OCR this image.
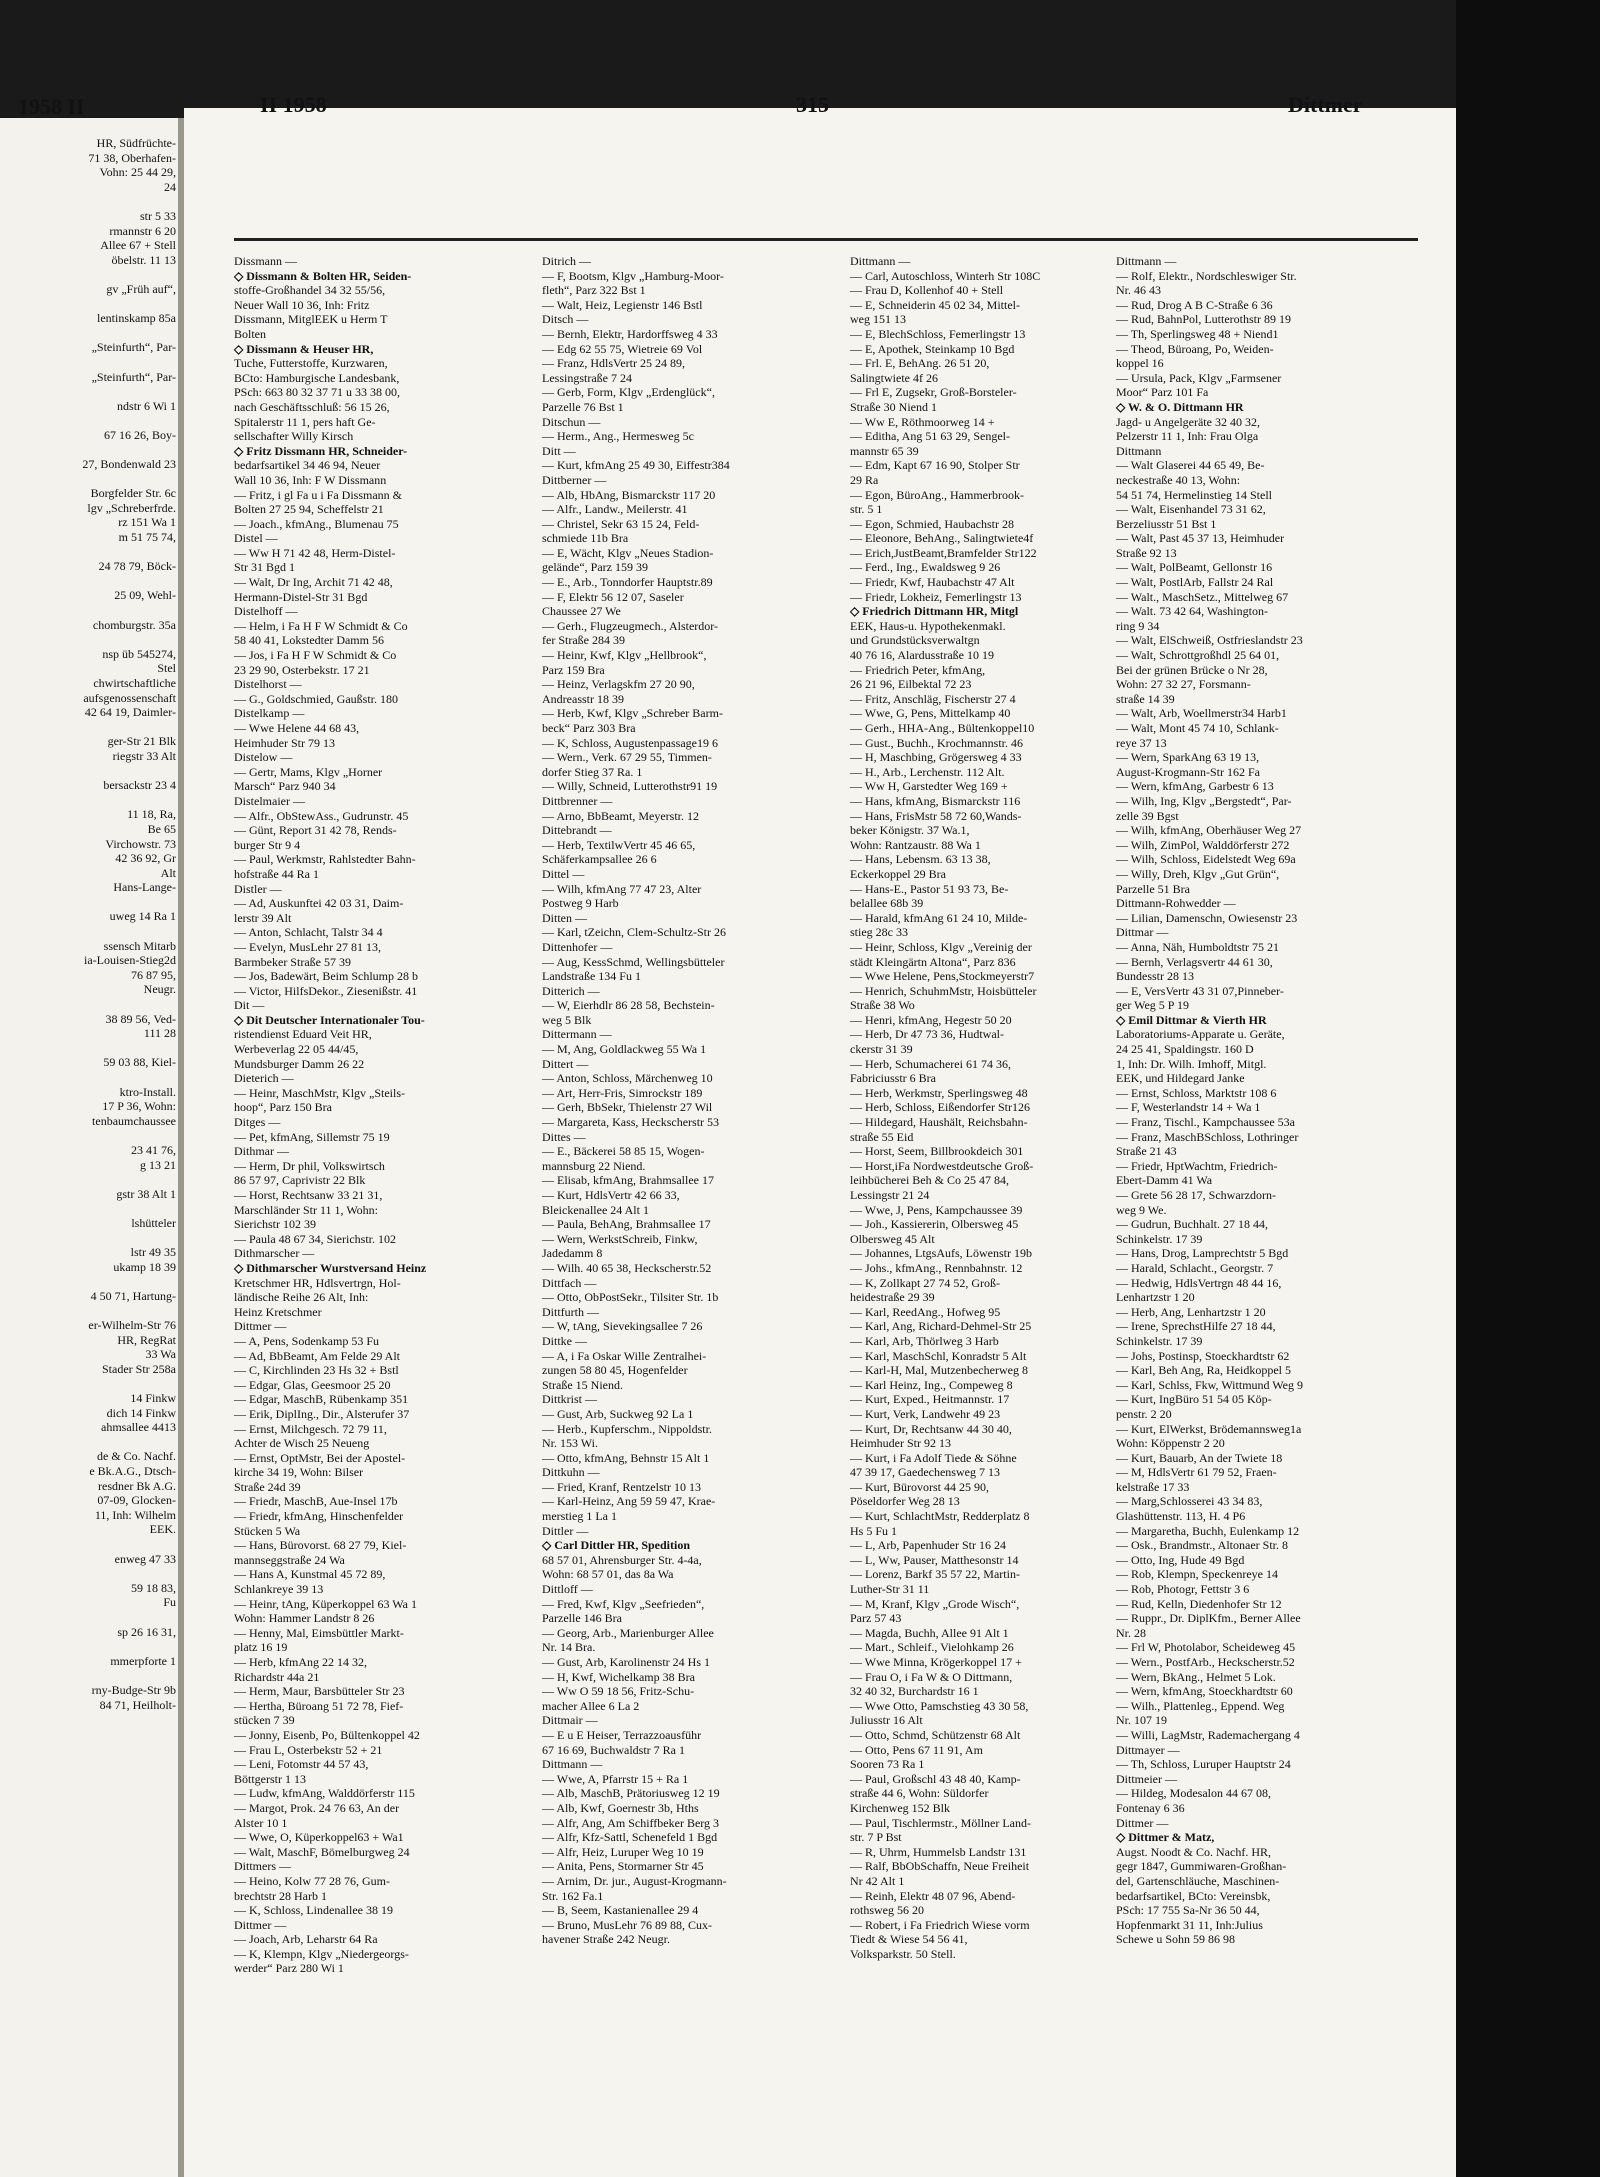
1958 II
HR, Südfrüchte-
71 38, Oberhafen-
Vohn: 25 44 29,
24

str 5 33
rmannstr 6 20
Allee 67 + Stell
öbelstr. 11 13

gv „Früh auf“,

lentinskamp 85a

„Steinfurth“, Par-

„Steinfurth“, Par-

ndstr 6 Wi 1

67 16 26, Boy-

27, Bondenwald 23

Borgfelder Str. 6c
lgv „Schreberfrde.
rz 151 Wa 1
m 51 75 74,

24 78 79, Böck-

25 09, Wehl-

chomburgstr. 35a

nsp üb 545274,
Stel
chwirtschaftliche
aufsgenossenschaft
42 64 19, Daimler-

ger-Str 21 Blk
riegstr 33 Alt

bersackstr 23 4

11 18, Ra,
Be 65
Virchowstr. 73
42 36 92, Gr
Alt
Hans-Lange-

uweg 14 Ra 1

ssensch Mitarb
ia-Louisen-Stieg2d
76 87 95,
Neugr.

38 89 56, Ved-
111 28

59 03 88, Kiel-

ktro-Install.
17 P 36, Wohn:
tenbaumchaussee

23 41 76,
g 13 21

gstr 38 Alt 1

lshütteler

lstr 49 35
ukamp 18 39

4 50 71, Hartung-

er-Wilhelm-Str 76
HR, RegRat
33 Wa
Stader Str 258a

14 Finkw
dich 14 Finkw
ahmsallee 4413

de & Co. Nachf.
e Bk.A.G., Dtsch-
resdner Bk A.G.
07-09, Glocken-
11, Inh: Wilhelm
EEK.

enweg 47 33

59 18 83,
Fu

sp 26 16 31,

mmerpforte 1

rny-Budge-Str 9b
84 71, Heilholt-
II 1958	315	Dittmer
Dissmann —
◇ Dissmann & Bolten HR, Seiden-
stoffe-Großhandel 34 32 55/56,
Neuer Wall 10 36, Inh: Fritz
Dissmann, MitglEEK u Herm T
Bolten
◇ Dissmann & Heuser HR,
Tuche, Futterstoffe, Kurzwaren,
BCto: Hamburgische Landesbank,
PSch: 663 80 32 37 71 u 33 38 00,
nach Geschäftsschluß: 56 15 26,
Spitalerstr 11 1, pers haft Ge-
sellschafter Willy Kirsch
◇ Fritz Dissmann HR, Schneider-
bedarfsartikel 34 46 94, Neuer
Wall 10 36, Inh: F W Dissmann
— Fritz, i gl Fa u i Fa Dissmann &
Bolten 27 25 94, Scheffelstr 21
— Joach., kfmAng., Blumenau 75
Distel —
— Ww H 71 42 48, Herm-Distel-
Str 31 Bgd 1
— Walt, Dr Ing, Archit 71 42 48,
Hermann-Distel-Str 31 Bgd
Distelhoff —
— Helm, i Fa H F W Schmidt & Co
58 40 41, Lokstedter Damm 56
— Jos, i Fa H F W Schmidt & Co
23 29 90, Osterbekstr. 17 21
Distelhorst —
— G., Goldschmied, Gaußstr. 180
Distelkamp —
— Wwe Helene 44 68 43,
Heimhuder Str 79 13
Distelow —
— Gertr, Mams, Klgv „Horner
Marsch“ Parz 940 34
Distelmaier —
— Alfr., ObStewAss., Gudrunstr. 45
— Günt, Report 31 42 78, Rends-
burger Str 9 4
— Paul, Werkmstr, Rahlstedter Bahn-
hofstraße 44 Ra 1
Distler —
— Ad, Auskunftei 42 03 31, Daim-
lerstr 39 Alt
— Anton, Schlacht, Talstr 34 4
— Evelyn, MusLehr 27 81 13,
Barmbeker Straße 57 39
— Jos, Badewärt, Beim Schlump 28 b
— Victor, HilfsDekor., Ziesenißstr. 41
Dit —
◇ Dit Deutscher Internationaler Tou-
ristendienst Eduard Veit HR,
Werbeverlag 22 05 44/45,
Mundsburger Damm 26 22
Dieterich —
— Heinr, MaschMstr, Klgv „Steils-
hoop“, Parz 150 Bra
Ditges —
— Pet, kfmAng, Sillemstr 75 19
Dithmar —
— Herm, Dr phil, Volkswirtsch
86 57 97, Caprivistr 22 Blk
— Horst, Rechtsanw 33 21 31,
Marschländer Str 11 1, Wohn:
Sierichstr 102 39
— Paula 48 67 34, Sierichstr. 102
Dithmarscher —
◇ Dithmarscher Wurstversand Heinz
Kretschmer HR, Hdlsvertrgn, Hol-
ländische Reihe 26 Alt, Inh:
Heinz Kretschmer
Dittmer —
— A, Pens, Sodenkamp 53 Fu
— Ad, BbBeamt, Am Felde 29 Alt
— C, Kirchlinden 23 Hs 32 + Bstl
— Edgar, Glas, Geesmoor 25 20
— Edgar, MaschB, Rübenkamp 351
— Erik, DiplIng., Dir., Alsterufer 37
— Ernst, Milchgesch. 72 79 11,
Achter de Wisch 25 Neueng
— Ernst, OptMstr, Bei der Apostel-
kirche 34 19, Wohn: Bilser
Straße 24d 39
— Friedr, MaschB, Aue-Insel 17b
— Friedr, kfmAng, Hinschenfelder
Stücken 5 Wa
— Hans, Bürovorst. 68 27 79, Kiel-
mannseggstraße 24 Wa
— Hans A, Kunstmal 45 72 89,
Schlankreye 39 13
— Heinr, tAng, Küperkoppel 63 Wa 1
Wohn: Hammer Landstr 8 26
— Henny, Mal, Eimsbüttler Markt-
platz 16 19
— Herb, kfmAng 22 14 32,
Richardstr 44a 21
— Herm, Maur, Barsbütteler Str 23
— Hertha, Büroang 51 72 78, Fief-
stücken 7 39
— Jonny, Eisenb, Po, Bültenkoppel 42
— Frau L, Osterbekstr 52 + 21
— Leni, Fotomstr 44 57 43,
Böttgerstr 1 13
— Ludw, kfmAng, Walddörferstr 115
— Margot, Prok. 24 76 63, An der
Alster 10 1
— Wwe, O, Küperkoppel63 + Wa1
— Walt, MaschF, Bömelburgweg 24
Dittmers —
— Heino, Kolw 77 28 76, Gum-
brechtstr 28 Harb 1
— K, Schloss, Lindenallee 38 19
Dittmer —
— Joach, Arb, Leharstr 64 Ra
— K, Klempn, Klgv „Niedergeorgs-
werder“ Parz 280 Wi 1
Ditrich —
— F, Bootsm, Klgv „Hamburg-Moor-
fleth“, Parz 322 Bst 1
— Walt, Heiz, Legienstr 146 Bstl
Ditsch —
— Bernh, Elektr, Hardorffsweg 4 33
— Edg 62 55 75, Wietreie 69 Vol
— Franz, HdlsVertr 25 24 89,
Lessingstraße 7 24
— Gerb, Form, Klgv „Erdenglück“,
Parzelle 76 Bst 1
Ditschun —
— Herm., Ang., Hermesweg 5c
Ditt —
— Kurt, kfmAng 25 49 30, Eiffestr384
Dittberner —
— Alb, HbAng, Bismarckstr 117 20
— Alfr., Landw., Meilerstr. 41
— Christel, Sekr 63 15 24, Feld-
schmiede 11b Bra
— E, Wächt, Klgv „Neues Stadion-
gelände“, Parz 159 39
— E., Arb., Tonndorfer Hauptstr.89
— F, Elektr 56 12 07, Saseler
Chaussee 27 We
— Gerh., Flugzeugmech., Alsterdor-
fer Straße 284 39
— Heinr, Kwf, Klgv „Hellbrook“,
Parz 159 Bra
— Heinz, Verlagskfm 27 20 90,
Andreasstr 18 39
— Herb, Kwf, Klgv „Schreber Barm-
beck“ Parz 303 Bra
— K, Schloss, Augustenpassage19 6
— Wern., Verk. 67 29 55, Timmen-
dorfer Stieg 37 Ra. 1
— Willy, Schneid, Lutterothstr91 19
Dittbrenner —
— Arno, BbBeamt, Meyerstr. 12
Dittebrandt —
— Herb, TextilwVertr 45 46 65,
Schäferkampsallee 26 6
Dittel —
— Wilh, kfmAng 77 47 23, Alter
Postweg 9 Harb
Ditten —
— Karl, tZeichn, Clem-Schultz-Str 26
Dittenhofer —
— Aug, KessSchmd, Wellingsbütteler
Landstraße 134 Fu 1
Ditterich —
— W, Eierhdlr 86 28 58, Bechstein-
weg 5 Blk
Dittermann —
— M, Ang, Goldlackweg 55 Wa 1
Dittert —
— Anton, Schloss, Märchenweg 10
— Art, Herr-Fris, Simrockstr 189
— Gerh, BbSekr, Thielenstr 27 Wil
— Margareta, Kass, Heckscherstr 53
Dittes —
— E., Bäckerei 58 85 15, Wogen-
mannsburg 22 Niend.
— Elisab, kfmAng, Brahmsallee 17
— Kurt, HdlsVertr 42 66 33,
Bleickenallee 24 Alt 1
— Paula, BehAng, Brahmsallee 17
— Wern, WerkstSchreib, Finkw,
Jadedamm 8
— Wilh. 40 65 38, Heckscherstr.52
Dittfach —
— Otto, ObPostSekr., Tilsiter Str. 1b
Dittfurth —
— W, tAng, Sievekingsallee 7 26
Dittke —
— A, i Fa Oskar Wille Zentralhei-
zungen 58 80 45, Hogenfelder
Straße 15 Niend.
Dittkrist —
— Gust, Arb, Suckweg 92 La 1
— Herb., Kupferschm., Nippoldstr.
Nr. 153 Wi.
— Otto, kfmAng, Behnstr 15 Alt 1
Dittkuhn —
— Fried, Kranf, Rentzelstr 10 13
— Karl-Heinz, Ang 59 59 47, Krae-
merstieg 1 La 1
Dittler —
◇ Carl Dittler HR, Spedition
68 57 01, Ahrensburger Str. 4-4a,
Wohn: 68 57 01, das 8a Wa
Dittloff —
— Fred, Kwf, Klgv „Seefrieden“,
Parzelle 146 Bra
— Georg, Arb., Marienburger Allee
Nr. 14 Bra.
— Gust, Arb, Karolinenstr 24 Hs 1
— H, Kwf, Wichelkamp 38 Bra
— Ww O 59 18 56, Fritz-Schu-
macher Allee 6 La 2
Dittmair —
— E u E Heiser, Terrazzoausführ
67 16 69, Buchwaldstr 7 Ra 1
Dittmann —
— Wwe, A, Pfarrstr 15 + Ra 1
— Alb, MaschB, Prätoriusweg 12 19
— Alb, Kwf, Goernestr 3b, Hths
— Alfr, Ang, Am Schiffbeker Berg 3
— Alfr, Kfz-Sattl, Schenefeld 1 Bgd
— Alfr, Heiz, Luruper Weg 10 19
— Anita, Pens, Stormarner Str 45
— Arnim, Dr. jur., August-Krogmann-
Str. 162 Fa.1
— B, Seem, Kastanienallee 29 4
— Bruno, MusLehr 76 89 88, Cux-
havener Straße 242 Neugr.
Dittmann —
— Carl, Autoschloss, Winterh Str 108C
— Frau D, Kollenhof 40 + Stell
— E, Schneiderin 45 02 34, Mittel-
weg 151 13
— E, BlechSchloss, Femerlingstr 13
— E, Apothek, Steinkamp 10 Bgd
— Frl. E, BehAng. 26 51 20,
Salingtwiete 4f 26
— Frl E, Zugsekr, Groß-Borsteler-
Straße 30 Niend 1
— Ww E, Röthmoorweg 14 +
— Editha, Ang 51 63 29, Sengel-
mannstr 65 39
— Edm, Kapt 67 16 90, Stolper Str
29 Ra
— Egon, BüroAng., Hammerbrook-
str. 5 1
— Egon, Schmied, Haubachstr 28
— Eleonore, BehAng., Salingtwiete4f
— Erich,JustBeamt,Bramfelder Str122
— Ferd., Ing., Ewaldsweg 9 26
— Friedr, Kwf, Haubachstr 47 Alt
— Friedr, Lokheiz, Femerlingstr 13
◇ Friedrich Dittmann HR, Mitgl
EEK, Haus-u. Hypothekenmakl.
und Grundstücksverwaltgn
40 76 16, Alardusstraße 10 19
— Friedrich Peter, kfmAng,
26 21 96, Eilbektal 72 23
— Fritz, Anschläg, Fischerstr 27 4
— Wwe, G, Pens, Mittelkamp 40
— Gerh., HHA-Ang., Bültenkoppel10
— Gust., Buchh., Krochmannstr. 46
— H, Maschbing, Grögersweg 4 33
— H., Arb., Lerchenstr. 112 Alt.
— Ww H, Garstedter Weg 169 +
— Hans, kfmAng, Bismarckstr 116
— Hans, FrisMstr 58 72 60,Wands-
beker Königstr. 37 Wa.1,
Wohn: Rantzaustr. 88 Wa 1
— Hans, Lebensm. 63 13 38,
Eckerkoppel 29 Bra
— Hans-E., Pastor 51 93 73, Be-
belallee 68b 39
— Harald, kfmAng 61 24 10, Milde-
stieg 28c 33
— Heinr, Schloss, Klgv „Vereinig der
städt Kleingärtn Altona“, Parz 836
— Wwe Helene, Pens,Stockmeyerstr7
— Henrich, SchuhmMstr, Hoisbütteler
Straße 38 Wo
— Henri, kfmAng, Hegestr 50 20
— Herb, Dr 47 73 36, Hudtwal-
ckerstr 31 39
— Herb, Schumacherei 61 74 36,
Fabriciusstr 6 Bra
— Herb, Werkmstr, Sperlingsweg 48
— Herb, Schloss, Eißendorfer Str126
— Hildegard, Haushält, Reichsbahn-
straße 55 Eid
— Horst, Seem, Billbrookdeich 301
— Horst,iFa Nordwestdeutsche Groß-
leihbücherei Beh & Co 25 47 84,
Lessingstr 21 24
— Wwe, J, Pens, Kampchaussee 39
— Joh., Kassiererin, Olbersweg 45
Olbersweg 45 Alt
— Johannes, LtgsAufs, Löwenstr 19b
— Johs., kfmAng., Rennbahnstr. 12
— K, Zollkapt 27 74 52, Groß-
heidestraße 29 39
— Karl, ReedAng., Hofweg 95
— Karl, Ang, Richard-Dehmel-Str 25
— Karl, Arb, Thörlweg 3 Harb
— Karl, MaschSchl, Konradstr 5 Alt
— Karl-H, Mal, Mutzenbecherweg 8
— Karl Heinz, Ing., Compeweg 8
— Kurt, Exped., Heitmannstr. 17
— Kurt, Verk, Landwehr 49 23
— Kurt, Dr, Rechtsanw 44 30 40,
Heimhuder Str 92 13
— Kurt, i Fa Adolf Tiede & Söhne
47 39 17, Gaedechensweg 7 13
— Kurt, Bürovorst 44 25 90,
Pöseldorfer Weg 28 13
— Kurt, SchlachtMstr, Redderplatz 8
Hs 5 Fu 1
— L, Arb, Papenhuder Str 16 24
— L, Ww, Pauser, Matthesonstr 14
— Lorenz, Barkf 35 57 22, Martin-
Luther-Str 31 11
— M, Kranf, Klgv „Grode Wisch“,
Parz 57 43
— Magda, Buchh, Allee 91 Alt 1
— Mart., Schleif., Vielohkamp 26
— Wwe Minna, Krögerkoppel 17 +
— Frau O, i Fa W & O Dittmann,
32 40 32, Burchardstr 16 1
— Wwe Otto, Pamschstieg 43 30 58,
Juliusstr 16 Alt
— Otto, Schmd, Schützenstr 68 Alt
— Otto, Pens 67 11 91, Am
Sooren 73 Ra 1
— Paul, Großschl 43 48 40, Kamp-
straße 44 6, Wohn: Süldorfer
Kirchenweg 152 Blk
— Paul, Tischlermstr., Möllner Land-
str. 7 P Bst
— R, Uhrm, Hummelsb Landstr 131
— Ralf, BbObSchaffn, Neue Freiheit
Nr 42 Alt 1
— Reinh, Elektr 48 07 96, Abend-
rothsweg 56 20
— Robert, i Fa Friedrich Wiese vorm
Tiedt & Wiese 54 56 41,
Volksparkstr. 50 Stell.
Dittmann —
— Rolf, Elektr., Nordschleswiger Str.
Nr. 46 43
— Rud, Drog A B C-Straße 6 36
— Rud, BahnPol, Lutterothstr 89 19
— Th, Sperlingsweg 48 + Niend1
— Theod, Büroang, Po, Weiden-
koppel 16
— Ursula, Pack, Klgv „Farmsener
Moor“ Parz 101 Fa
◇ W. & O. Dittmann HR
Jagd- u Angelgeräte 32 40 32,
Pelzerstr 11 1, Inh: Frau Olga
Dittmann
— Walt Glaserei 44 65 49, Be-
neckestraße 40 13, Wohn:
54 51 74, Hermelinstieg 14 Stell
— Walt, Eisenhandel 73 31 62,
Berzeliusstr 51 Bst 1
— Walt, Past 45 37 13, Heimhuder
Straße 92 13
— Walt, PolBeamt, Gellonstr 16
— Walt, PostlArb, Fallstr 24 Ral
— Walt., MaschSetz., Mittelweg 67
— Walt. 73 42 64, Washington-
ring 9 34
— Walt, ElSchweiß, Ostfrieslandstr 23
— Walt, Schrottgroßhdl 25 64 01,
Bei der grünen Brücke o Nr 28,
Wohn: 27 32 27, Forsmann-
straße 14 39
— Walt, Arb, Woellmerstr34 Harb1
— Walt, Mont 45 74 10, Schlank-
reye 37 13
— Wern, SparkAng 63 19 13,
August-Krogmann-Str 162 Fa
— Wern, kfmAng, Garbestr 6 13
— Wilh, Ing, Klgv „Bergstedt“, Par-
zelle 39 Bgst
— Wilh, kfmAng, Oberhäuser Weg 27
— Wilh, ZimPol, Walddörferstr 272
— Wilh, Schloss, Eidelstedt Weg 69a
— Willy, Dreh, Klgv „Gut Grün“,
Parzelle 51 Bra
Dittmann-Rohwedder —
— Lilian, Damenschn, Owiesenstr 23
Dittmar —
— Anna, Näh, Humboldtstr 75 21
— Bernh, Verlagsvertr 44 61 30,
Bundesstr 28 13
— E, VersVertr 43 31 07,Pinneber-
ger Weg 5 P 19
◇ Emil Dittmar & Vierth HR
Laboratoriums-Apparate u. Geräte,
24 25 41, Spaldingstr. 160 D
1, Inh: Dr. Wilh. Imhoff, Mitgl.
EEK, und Hildegard Janke
— Ernst, Schloss, Marktstr 108 6
— F, Westerlandstr 14 + Wa 1
— Franz, Tischl., Kampchaussee 53a
— Franz, MaschBSchloss, Lothringer
Straße 21 43
— Friedr, HptWachtm, Friedrich-
Ebert-Damm 41 Wa
— Grete 56 28 17, Schwarzdorn-
weg 9 We.
— Gudrun, Buchhalt. 27 18 44,
Schinkelstr. 17 39
— Hans, Drog, Lamprechtstr 5 Bgd
— Harald, Schlacht., Georgstr. 7
— Hedwig, HdlsVertrgn 48 44 16,
Lenhartzstr 1 20
— Herb, Ang, Lenhartzstr 1 20
— Irene, SprechstHilfe 27 18 44,
Schinkelstr. 17 39
— Johs, Postinsp, Stoeckhardtstr 62
— Karl, Beh Ang, Ra, Heidkoppel 5
— Karl, Schlss, Fkw, Wittmund Weg 9
— Kurt, IngBüro 51 54 05 Köp-
penstr. 2 20
— Kurt, ElWerkst, Brödemannsweg1a
Wohn: Köppenstr 2 20
— Kurt, Bauarb, An der Twiete 18
— M, HdlsVertr 61 79 52, Fraen-
kelstraße 17 33
— Marg,Schlosserei 43 34 83,
Glashüttenstr. 113, H. 4 P6
— Margaretha, Buchh, Eulenkamp 12
— Osk., Brandmstr., Altonaer Str. 8
— Otto, Ing, Hude 49 Bgd
— Rob, Klempn, Speckenreye 14
— Rob, Photogr, Fettstr 3 6
— Rud, Kelln, Diedenhofer Str 12
— Ruppr., Dr. DiplKfm., Berner Allee
Nr. 28
— Frl W, Photolabor, Scheideweg 45
— Wern., PostfArb., Heckscherstr.52
— Wern, BkAng., Helmet 5 Lok.
— Wern, kfmAng, Stoeckhardtstr 60
— Wilh., Plattenleg., Eppend. Weg
Nr. 107 19
— Willi, LagMstr, Rademachergang 4
Dittmayer —
— Th, Schloss, Luruper Hauptstr 24
Dittmeier —
— Hildeg, Modesalon 44 67 08,
Fontenay 6 36
Dittmer —
◇ Dittmer & Matz,
Augst. Noodt & Co. Nachf. HR,
gegr 1847, Gummiwaren-Großhan-
del, Gartenschläuche, Maschinen-
bedarfsartikel, BCto: Vereinsbk,
PSch: 17 755 Sa-Nr 36 50 44,
Hopfenmarkt 31 11, Inh:Julius
Schewe u Sohn 59 86 98
